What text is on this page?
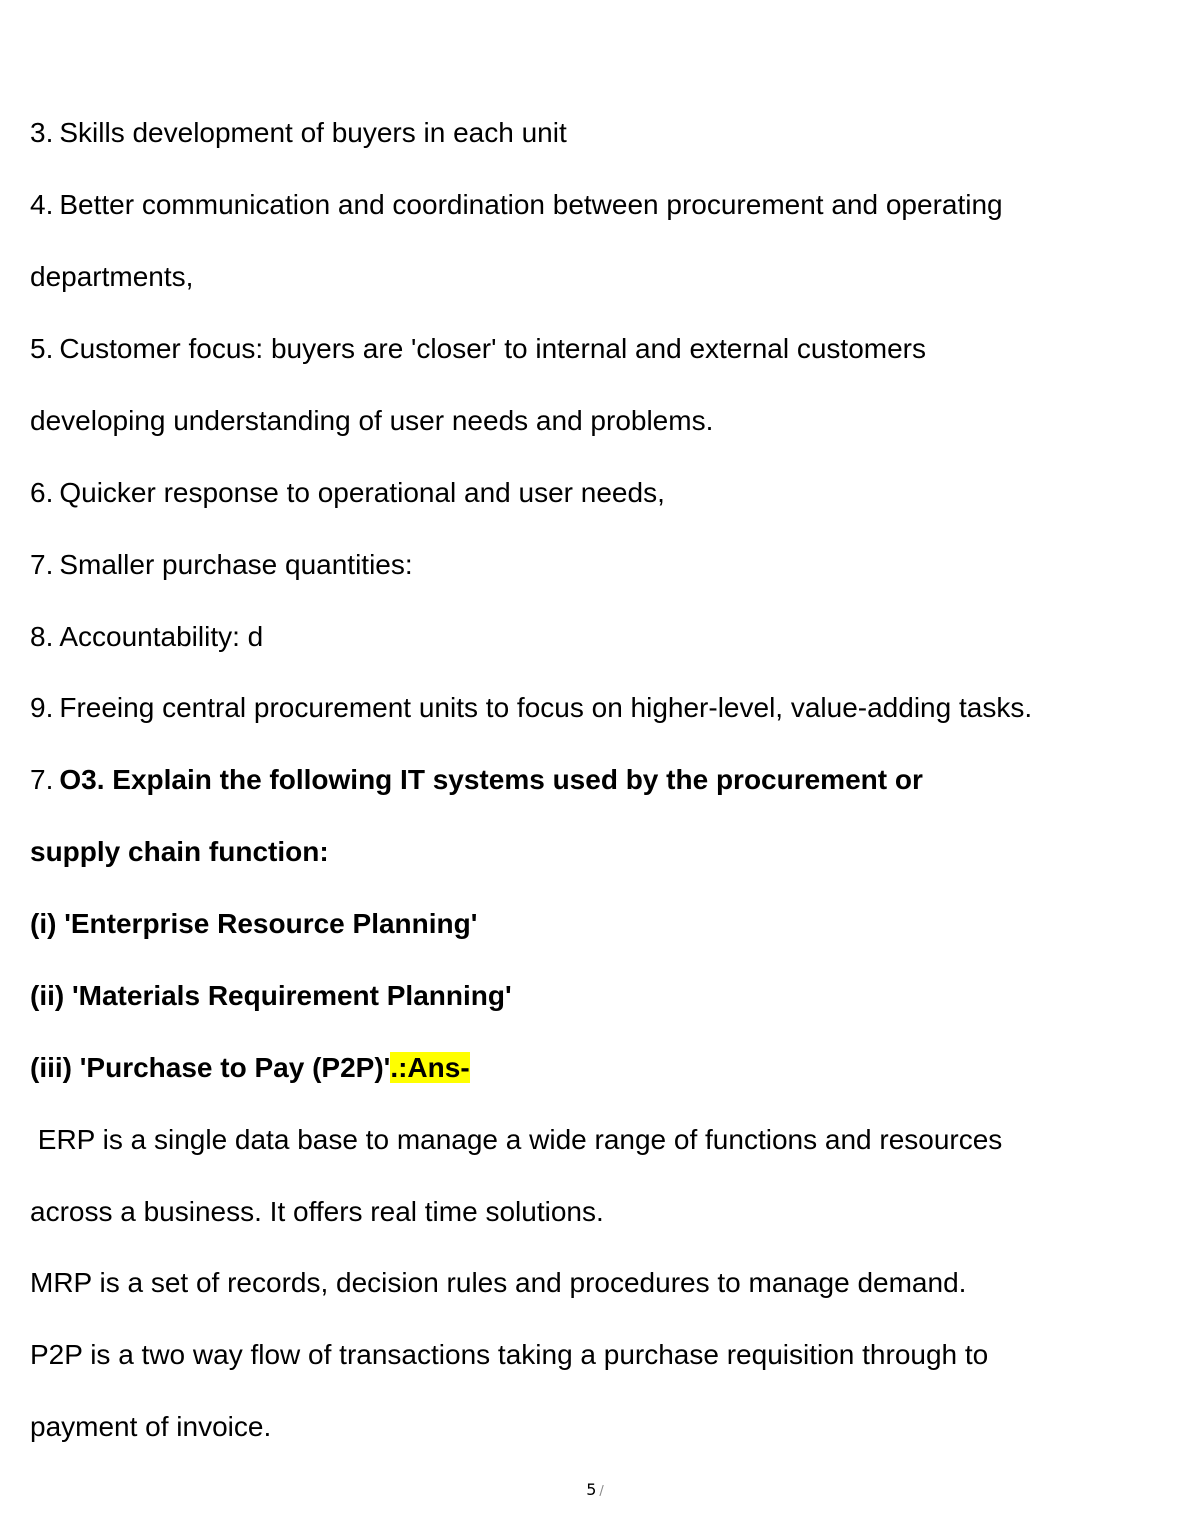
3. Skills development of buyers in each unit
4. Better communication and coordination between procurement and operating
departments,
5. Customer focus: buyers are 'closer' to internal and external customers
developing understanding of user needs and problems.
6. Quicker response to operational and user needs,
7. Smaller purchase quantities:
8. Accountability: d
9. Freeing central procurement units to focus on higher-level, value-adding tasks.
7. O3. Explain the following IT systems used by the procurement or
supply chain function:
(i) 'Enterprise Resource Planning'
(ii) 'Materials Requirement Planning'
(iii) 'Purchase to Pay (P2P)'.:Ans-
ERP is a single data base to manage a wide range of functions and resources
across a business. It offers real time solutions.
MRP is a set of records, decision rules and procedures to manage demand.
P2P is a two way flow of transactions taking a purchase requisition through to
payment of invoice.
5 /
